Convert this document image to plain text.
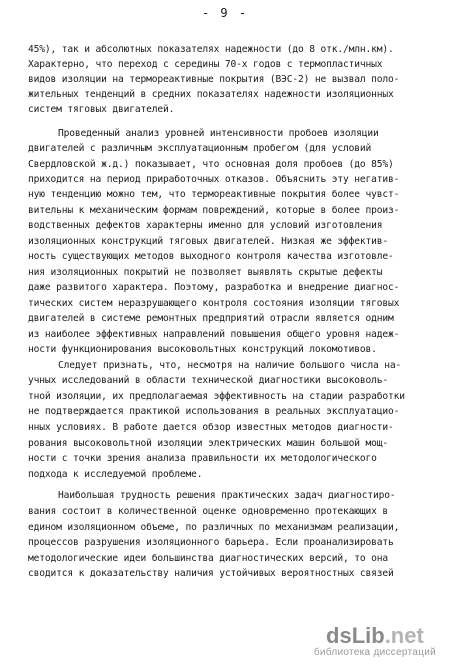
- 9 -
45%), так и абсолютных показателях надежности (до 8 отк./млн.км).
Характерно, что переход с середины 70-х годов с термопластичных
видов изоляции на термореактивные покрытия (ВЭС-2) не вызвал поло-
жительных тенденций в средних показателях надежности изоляционных
систем тяговых двигателей.
Проведенный анализ уровней интенсивности пробоев изоляции
двигателей с различным эксплуатационным пробегом (для условий
Свердловской ж.д.) показывает, что основная доля пробоев (до 85%)
приходится на период приработочных отказов. Объяснить эту негатив-
ную тенденцию можно тем, что термореактивные покрытия более чувст-
вительны к механическим формам повреждений, которые в более произ-
водственных дефектов характерны именно для условий изготовления
изоляционных конструкций тяговых двигателей. Низкая же эффектив-
ность существующих методов выходного контроля качества изготовле-
ния изоляционных покрытий не позволяет выявлять скрытые дефекты
даже развитого характера. Поэтому, разработка и внедрение диагнос-
тических систем неразрушающего контроля состояния изоляции тяговых
двигателей в системе ремонтных предприятий отрасли является одним
из наиболее эффективных направлений повышения общего уровня надеж-
ности функционирования высоковольтных конструкций локомотивов.
Следует признать, что, несмотря на наличие большого числа на-
учных исследований в области технической диагностики высоковоль-
тной изоляции, их предполагаемая эффективность на стадии разработки
не подтверждается практикой использования в реальных эксплуатацио-
нных условиях. В работе дается обзор известных методов диагности-
рования высоковольтной изоляции электрических машин большой мощ-
ности с точки зрения анализа правильности их методологического
подхода к исследуемой проблеме.
Наибольшая трудность решения практических задач диагностиро-
вания состоит в количественной оценке одновременно протекающих в
едином изоляционном объеме, по различных по механизмам реализации,
процессов разрушения изоляционного барьера. Если проанализировать
методологические идеи большинства диагностических версий, то она
сводится к доказательству наличия устойчивых вероятностных связей
dsLib.net
библиотека диссертаций
